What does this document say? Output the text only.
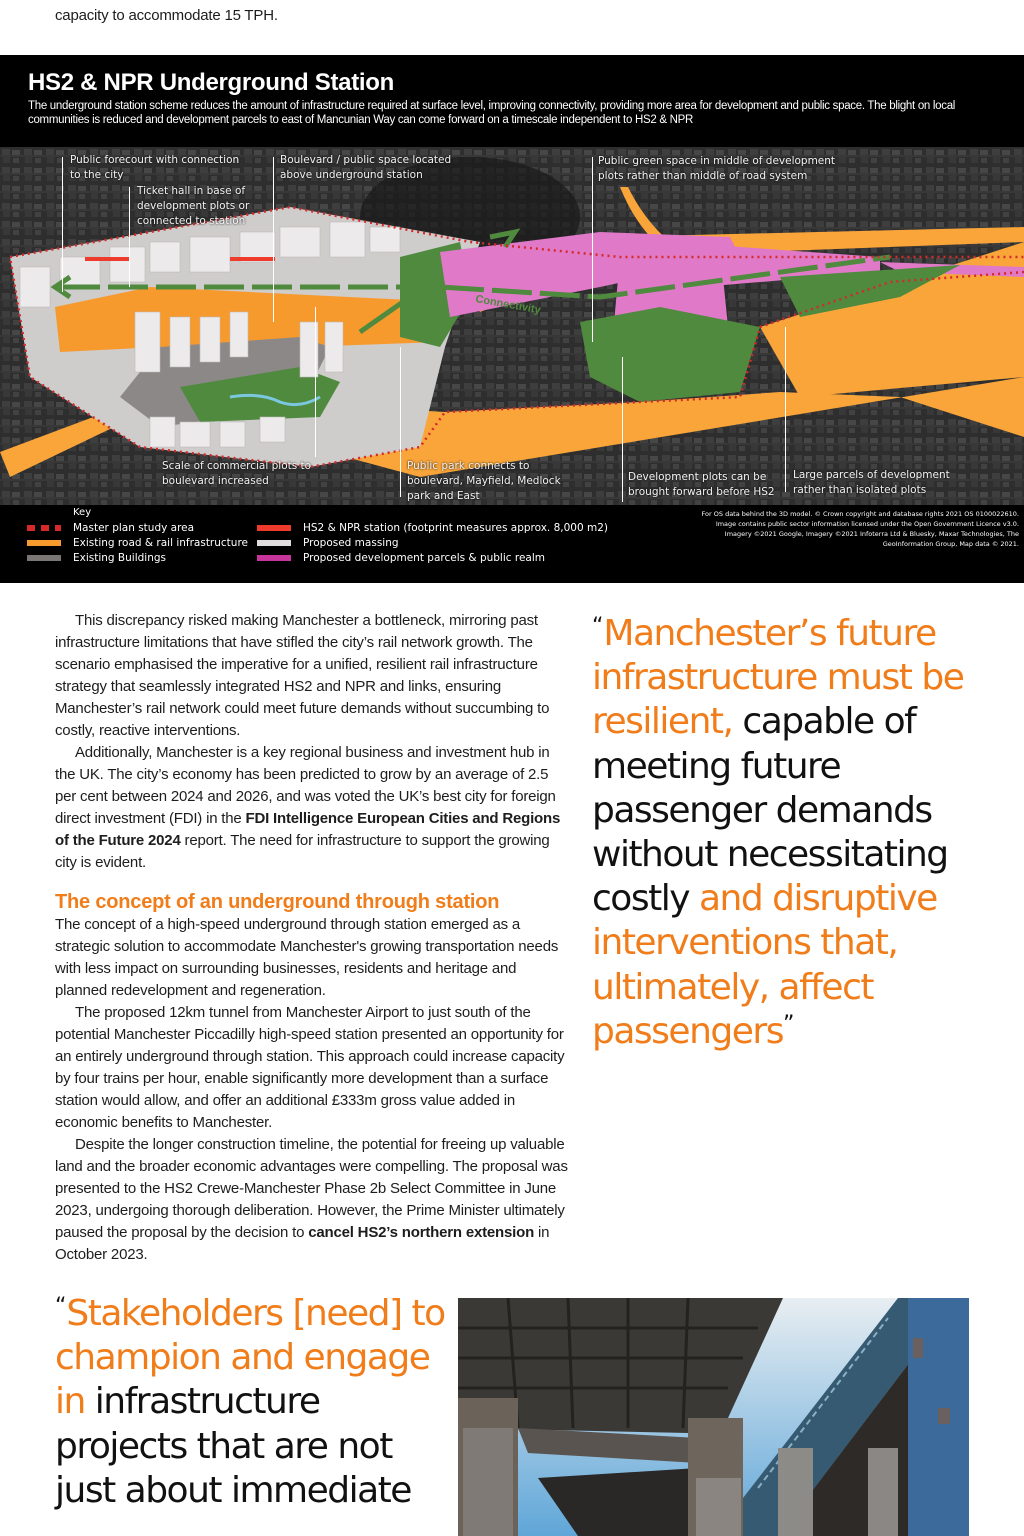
capacity to accommodate 15 TPH.

HS2 & NPR Underground Station
The underground station scheme reduces the amount of infrastructure required at surface level, improving connectivity, providing more area for development and public space. The blight on local communities is reduced and development parcels to east of Mancunian Way can come forward on a timescale independent to HS2 & NPR
Connectivity
Public forecourt with connection
to the city
Ticket hall in base of
development plots or
connected to station
Boulevard / public space located
above underground station
Public green space in middle of development
plots rather than middle of road system
Scale of commercial plots to
boulevard increased
Public park connects to
boulevard, Mayfield, Medlock
park and East
Development plots can be
brought forward before HS2
Large parcels of development
rather than isolated plots
Key
Master plan study area
Existing road & rail infrastructure
Existing Buildings
HS2 & NPR station (footprint measures approx. 8,000 m2)
Proposed massing
Proposed development parcels & public realm
For OS data behind the 3D model. © Crown copyright and database rights 2021 OS 0100022610.
Image contains public sector information licensed under the Open Government Licence v3.0.
Imagery ©2021 Google, Imagery ©2021 Infoterra Ltd & Bluesky, Maxar Technologies, The
GeoInformation Group, Map data © 2021.

This discrepancy risked making Manchester a bottleneck, mirroring past infrastructure limitations that have stifled the city’s rail network growth. The scenario emphasised the imperative for a unified, resilient rail infrastructure strategy that seamlessly integrated HS2 and NPR and links, ensuring Manchester’s rail network could meet future demands without succumbing to costly, reactive interventions.

Additionally, Manchester is a key regional business and investment hub in the UK. The city’s economy has been predicted to grow by an average of 2.5 per cent between 2024 and 2026, and was voted the UK’s best city for foreign direct investment (FDI) in the FDI Intelligence European Cities and Regions of the Future 2024 report. The need for infrastructure to support the growing city is evident.

The concept of an underground through station

The concept of a high-speed underground through station emerged as a strategic solution to accommodate Manchester's growing transportation needs with less impact on surrounding businesses, residents and heritage and planned redevelopment and regeneration.

The proposed 12km tunnel from Manchester Airport to just south of the potential Manchester Piccadilly high-speed station presented an opportunity for an entirely underground through station. This approach could increase capacity by four trains per hour, enable significantly more development than a surface station would allow, and offer an additional £333m gross value added in economic benefits to Manchester.

Despite the longer construction timeline, the potential for freeing up valuable land and the broader economic advantages were compelling. The proposal was presented to the HS2 Crewe-Manchester Phase 2b Select Committee in June 2023, undergoing thorough deliberation. However, the Prime Minister ultimately paused the proposal by the decision to cancel HS2’s northern extension in October 2023.

“Manchester’s future infrastructure must be resilient, capable of meeting future passenger demands without necessitating costly and disruptive interventions that, ultimately, affect passengers”
“Stakeholders [need] to champion and engage in infrastructure projects that are not just about immediate
